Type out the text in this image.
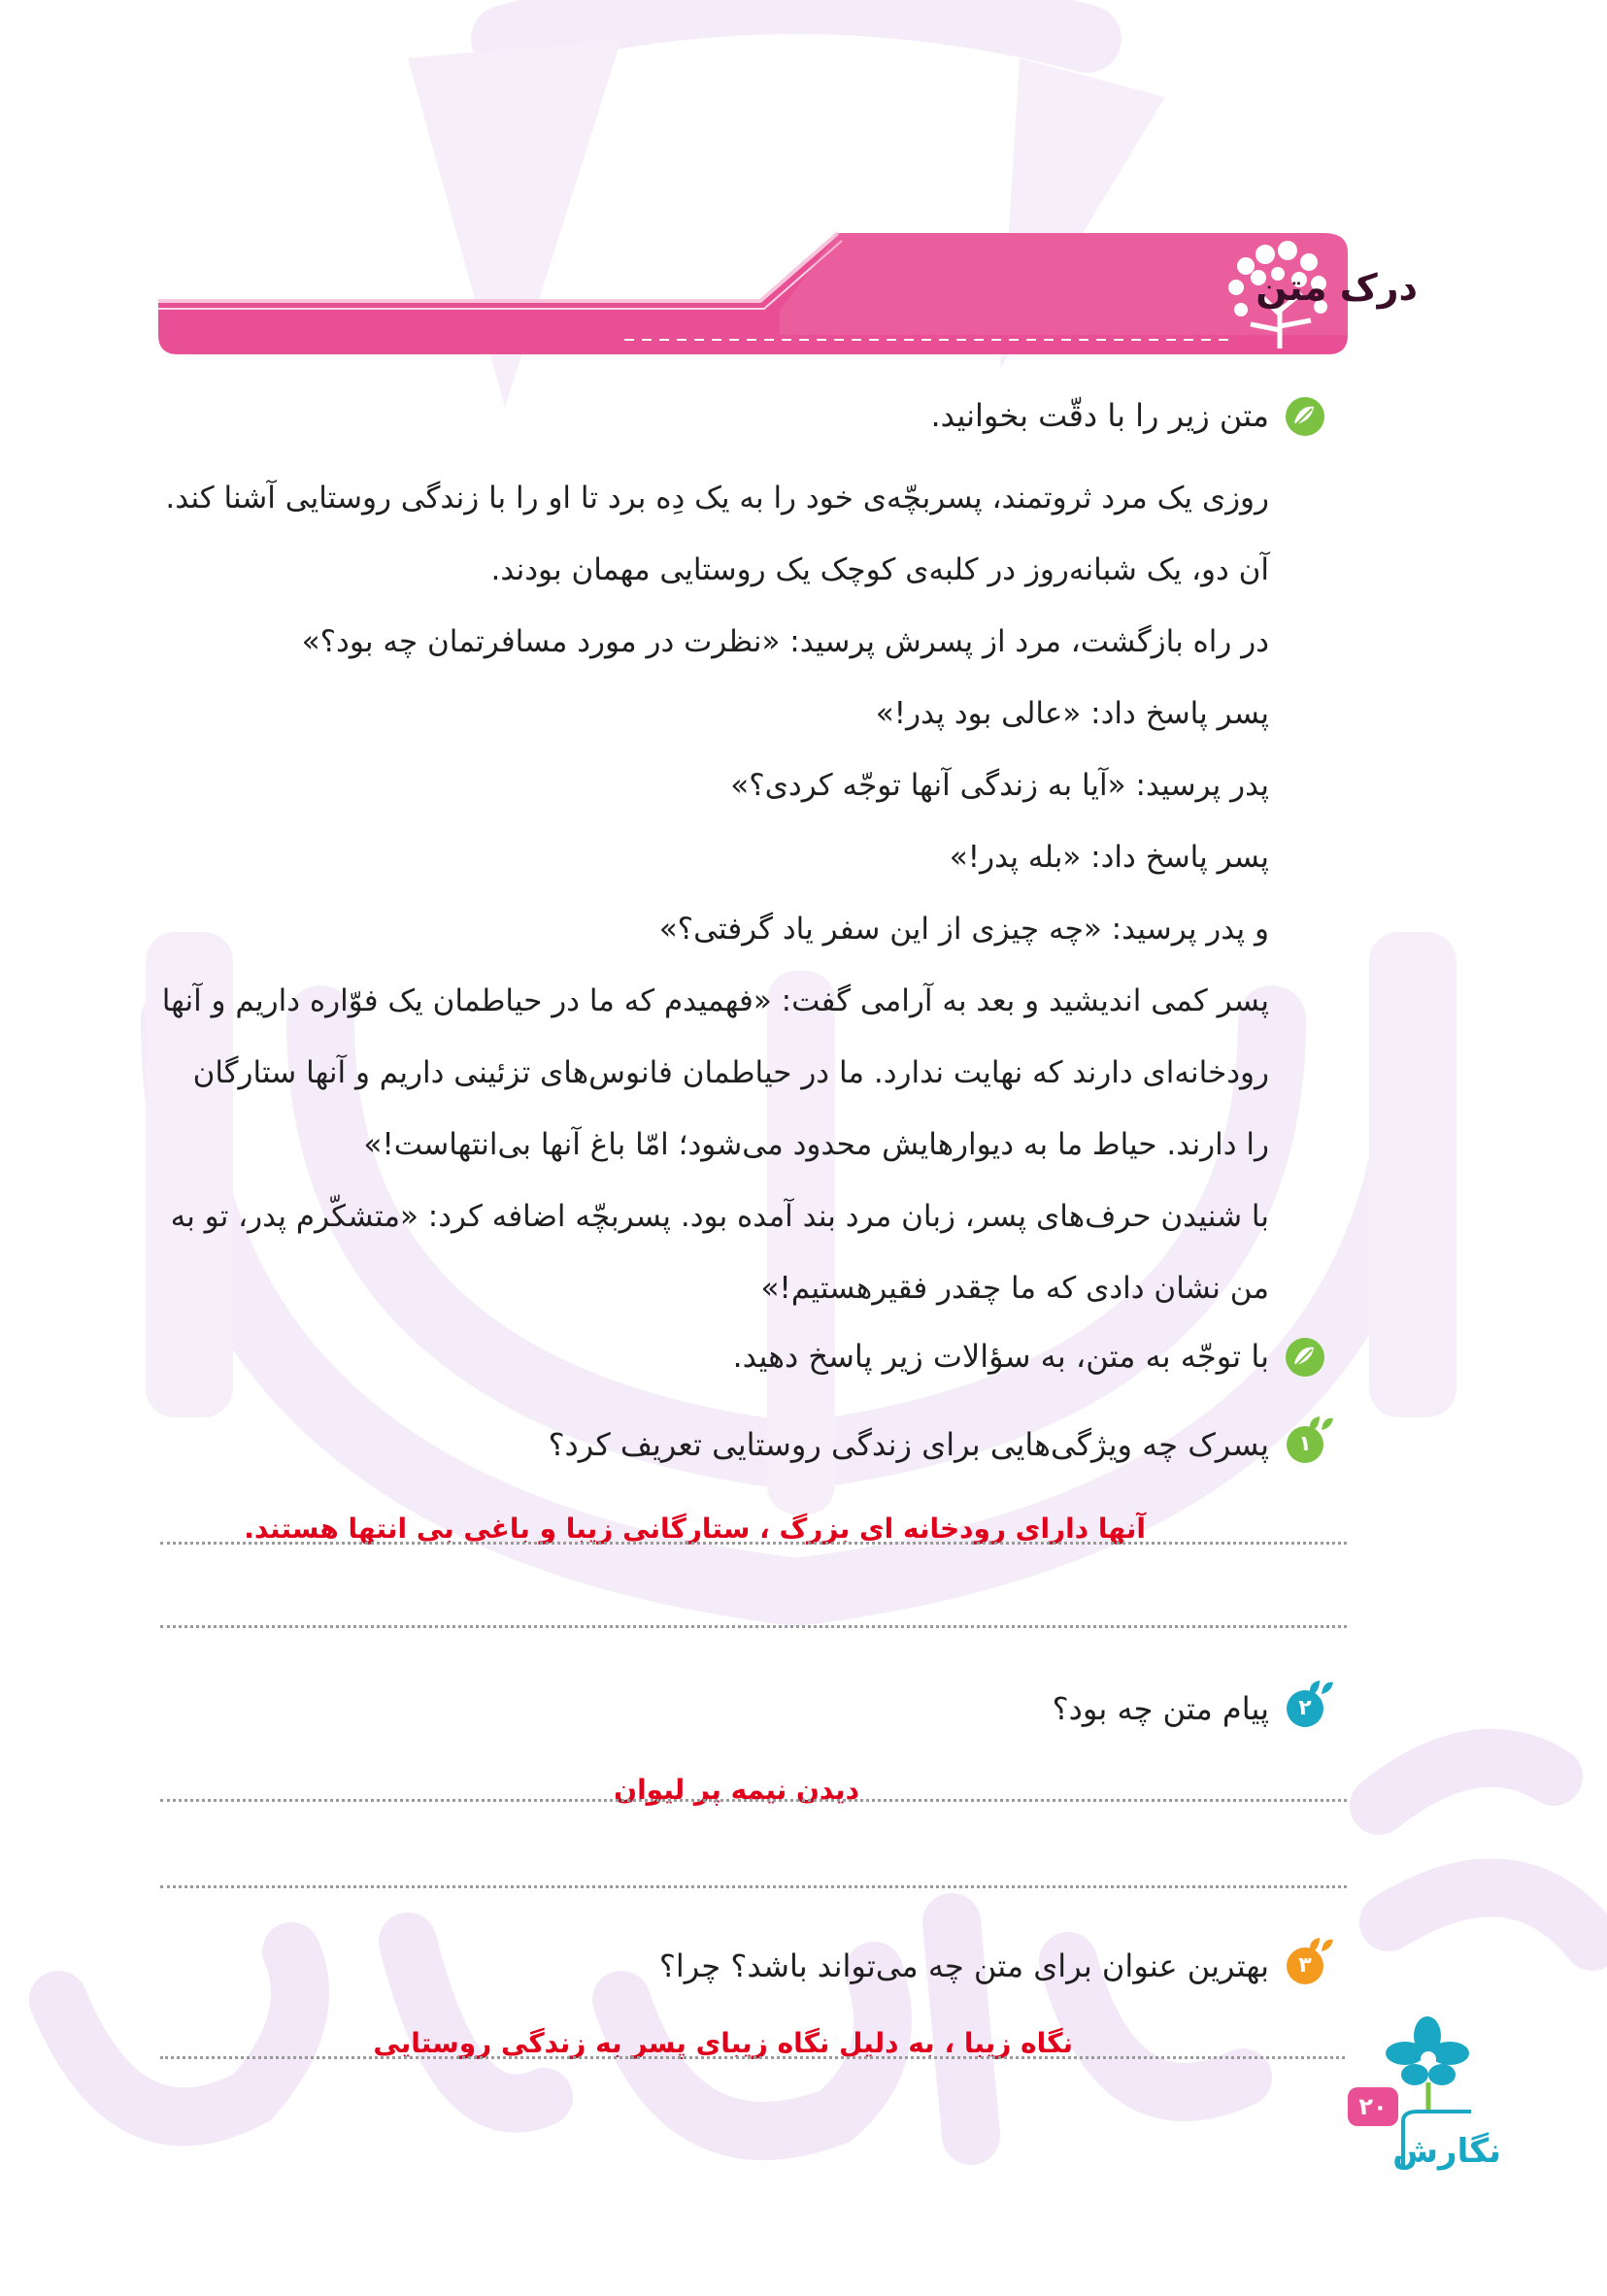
درک متن
متن زیر را با دقّت بخوانید.

روزی یک مرد ثروتمند، پسربچّه‌ی خود را به یک دِه برد تا او را با زندگی روستایی آشنا کند.

آن دو، یک شبانه‌روز در کلبه‌ی کوچک یک روستایی مهمان بودند.

در راه بازگشت، مرد از پسرش پرسید: «نظرت در مورد مسافرتمان چه بود؟»

پسر پاسخ داد: «عالی بود پدر!»

پدر پرسید: «آیا به زندگی آنها توجّه کردی؟»

پسر پاسخ داد: «بله پدر!»

و پدر پرسید: «چه چیزی از این سفر یاد گرفتی؟»

پسر کمی اندیشید و بعد به آرامی گفت: «فهمیدم که ما در حیاطمان یک فوّاره داریم و آنها

رودخانه‌ای دارند که نهایت ندارد. ما در حیاطمان فانوس‌های تزئینی داریم و آنها ستارگان

را دارند. حیاط ما به دیوارهایش محدود می‌شود؛ امّا باغ آنها بی‌انتهاست!»

با شنیدن حرف‌های پسر، زبان مرد بند آمده بود. پسربچّه اضافه کرد: «متشکّرم پدر، تو به

من نشان دادی که ما چقدر فقیرهستیم!»

با توجّه به متن، به سؤالات زیر پاسخ دهید.
۱
پسرک چه ویژگی‌هایی برای زندگی روستایی تعریف کرد؟
آنها دارای رودخانه ای بزرگ ، ستارگانی زیبا و باغی بی انتها هستند.
۲
پیام متن چه بود؟
دیدن نیمه پر لیوان
۳
بهترین عنوان برای متن چه می‌تواند باشد؟ چرا؟
نگاه زیبا ، به دلیل نگاه زیبای پسر به زندگی روستایی
نگارش
۲۰
